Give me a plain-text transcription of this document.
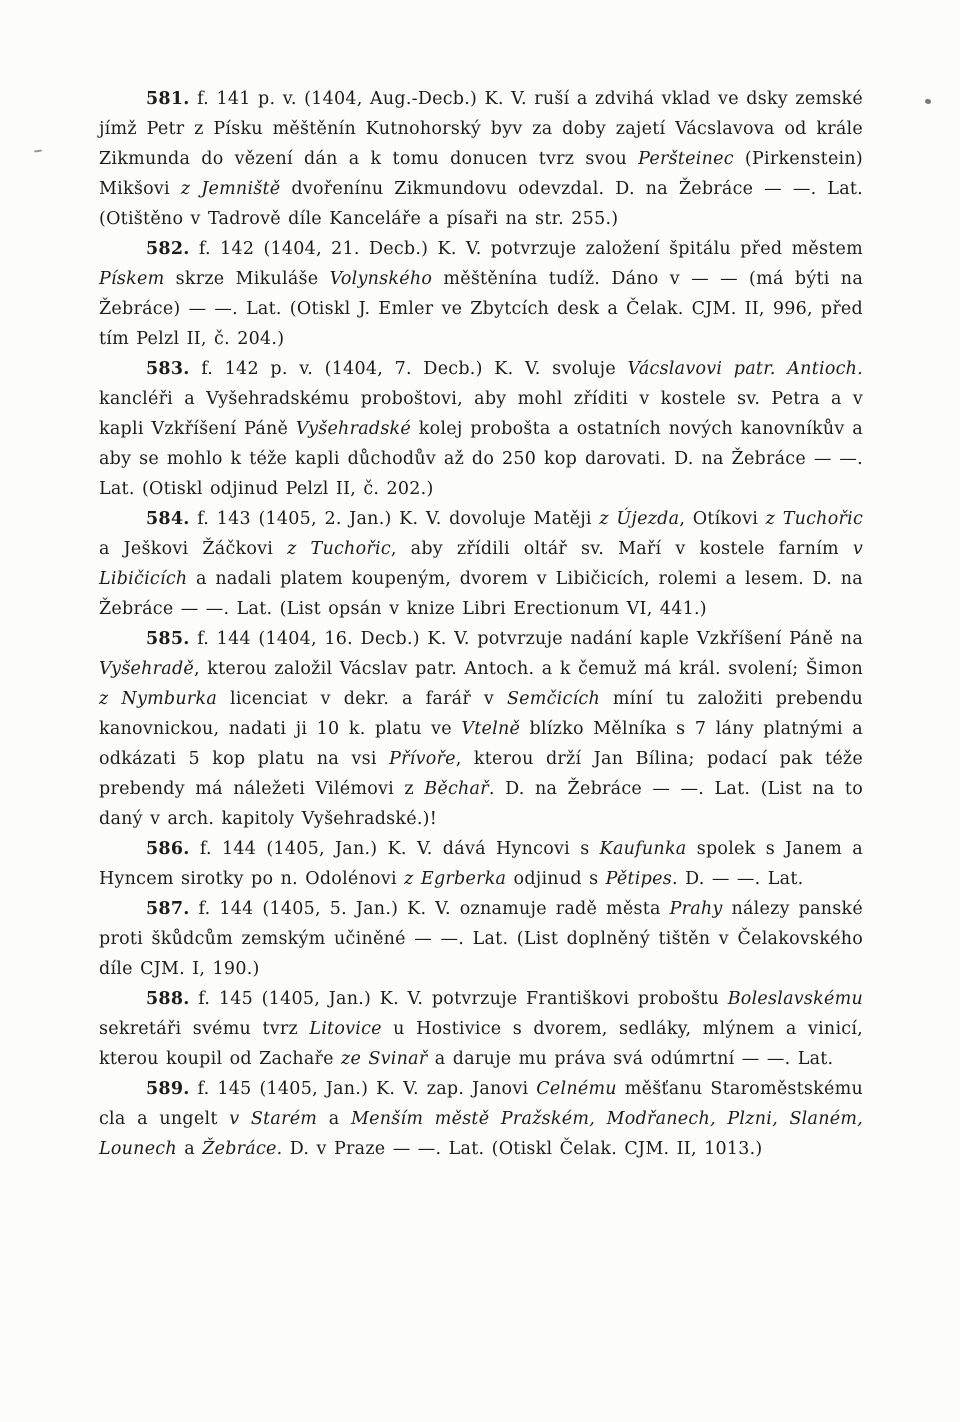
581. f. 141 p. v. (1404, Aug.-Decb.) K. V. ruší a zdvihá vklad ve dsky zemské jímž Petr z Písku měštěnín Kutnohorský byv za doby zajetí Vácslavova od krále Zikmunda do vězení dán a k tomu donucen tvrz svou Peršteinec (Pirkenstein) Mikšovi z Jemniště dvořenínu Zikmundovu odevzdal. D. na Žebráce — —. Lat. (Otištěno v Tadrově díle Kanceláře a písaři na str. 255.)

582. f. 142 (1404, 21. Decb.) K. V. potvrzuje založení špitálu před městem Pískem skrze Mikuláše Volynského měštěnína tudíž. Dáno v — — (má býti na Žebráce) — —. Lat. (Otiskl J. Emler ve Zbytcích desk a Čelak. CJM. II, 996, před tím Pelzl II, č. 204.)

583. f. 142 p. v. (1404, 7. Decb.) K. V. svoluje Vácslavovi patr. Antioch. kancléři a Vyšehradskému proboštovi, aby mohl zříditi v kostele sv. Petra a v kapli Vzkříšení Páně Vyšehradské kolej probošta a ostatních nových kanovníkův a aby se mohlo k téže kapli důchodův až do 250 kop darovati. D. na Žebráce — —. Lat. (Otiskl odjinud Pelzl II, č. 202.)

584. f. 143 (1405, 2. Jan.) K. V. dovoluje Matěji z Újezda, Otíkovi z Tuchořic a Ješkovi Žáčkovi z Tuchořic, aby zřídili oltář sv. Maří v kostele farním v Libičicích a nadali platem koupeným, dvorem v Libičicích, rolemi a lesem. D. na Žebráce — —. Lat. (List opsán v knize Libri Erectionum VI, 441.)

585. f. 144 (1404, 16. Decb.) K. V. potvrzuje nadání kaple Vzkříšení Páně na Vyšehradě, kterou založil Vácslav patr. Antoch. a k čemuž má král. svolení; Šimon z Nymburka licenciat v dekr. a farář v Semčicích míní tu založiti prebendu kanovnickou, nadati ji 10 k. platu ve Vtelně blízko Mělníka s 7 lány platnými a odkázati 5 kop platu na vsi Přívoře, kterou drží Jan Bílina; podací pak téže prebendy má náležeti Vilémovi z Běchař. D. na Žebráce — —. Lat. (List na to daný v arch. kapitoly Vyšehradské.)!

586. f. 144 (1405, Jan.) K. V. dává Hyncovi s Kaufunka spolek s Janem a Hyncem sirotky po n. Odolénovi z Egrberka odjinud s Pětipes. D. — —. Lat.

587. f. 144 (1405, 5. Jan.) K. V. oznamuje radě města Prahy nálezy panské proti škůdcům zemským učiněné — —. Lat. (List doplněný tištěn v Čelakovského díle CJM. I, 190.)

588. f. 145 (1405, Jan.) K. V. potvrzuje Františkovi proboštu Boleslavskému sekretáři svému tvrz Litovice u Hostivice s dvorem, sedláky, mlýnem a vinicí, kterou koupil od Zachaře ze Svinař a daruje mu práva svá odúmrtní — —. Lat.

589. f. 145 (1405, Jan.) K. V. zap. Janovi Celnému měšťanu Staroměstskému cla a ungelt v Starém a Menším městě Pražském, Modřanech, Plzni, Slaném, Lounech a Žebráce. D. v Praze — —. Lat. (Otiskl Čelak. CJM. II, 1013.)
